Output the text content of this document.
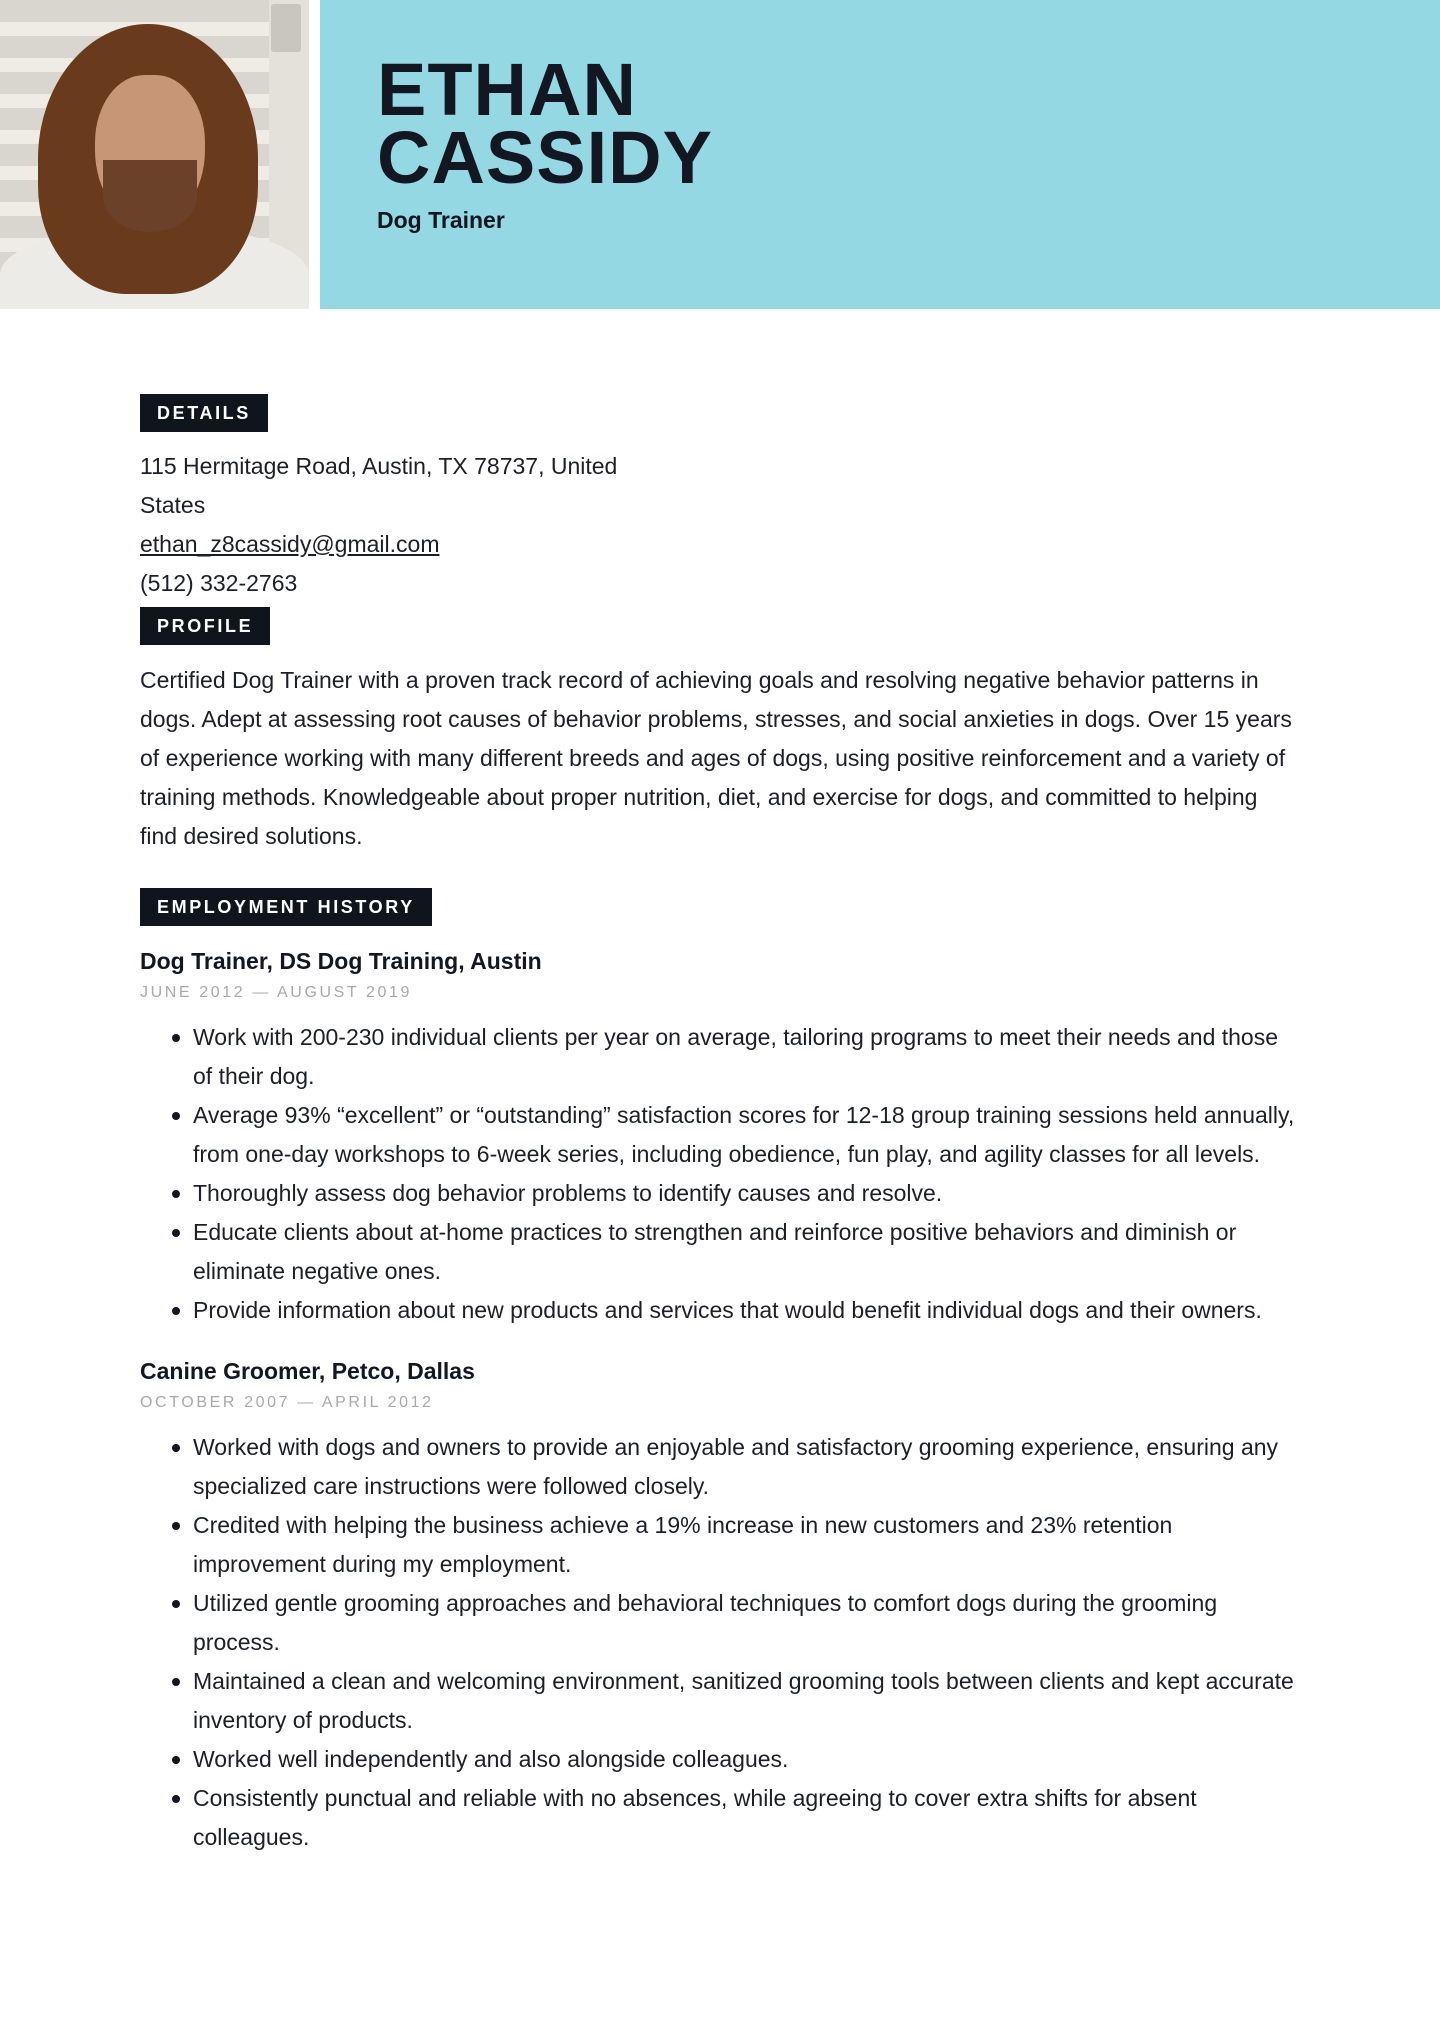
ETHAN
CASSIDY
Dog Trainer
DETAILS
115 Hermitage Road, Austin, TX 78737, United
States
ethan_z8cassidy@gmail.com
(512) 332-2763
PROFILE

Certified Dog Trainer with a proven track record of achieving goals and resolving negative behavior patterns in dogs. Adept at assessing root causes of behavior problems, stresses, and social anxieties in dogs. Over 15 years of experience working with many different breeds and ages of dogs, using positive reinforcement and a variety of training methods. Knowledgeable about proper nutrition, diet, and exercise for dogs, and committed to helping find desired solutions.

EMPLOYMENT HISTORY
Dog Trainer, DS Dog Training, Austin
JUNE 2012 — AUGUST 2019
Work with 200-230 individual clients per year on average, tailoring programs to meet their needs and those of their dog.
Average 93% “excellent” or “outstanding” satisfaction scores for 12-18 group training sessions held annually, from one-day workshops to 6-week series, including obedience, fun play, and agility classes for all levels.
Thoroughly assess dog behavior problems to identify causes and resolve.
Educate clients about at-home practices to strengthen and reinforce positive behaviors and diminish or eliminate negative ones.
Provide information about new products and services that would benefit individual dogs and their owners.
Canine Groomer, Petco, Dallas
OCTOBER 2007 — APRIL 2012
Worked with dogs and owners to provide an enjoyable and satisfactory grooming experience, ensuring any specialized care instructions were followed closely.
Credited with helping the business achieve a 19% increase in new customers and 23% retention improvement during my employment.
Utilized gentle grooming approaches and behavioral techniques to comfort dogs during the grooming process.
Maintained a clean and welcoming environment, sanitized grooming tools between clients and kept accurate inventory of products.
Worked well independently and also alongside colleagues.
Consistently punctual and reliable with no absences, while agreeing to cover extra shifts for absent colleagues.
